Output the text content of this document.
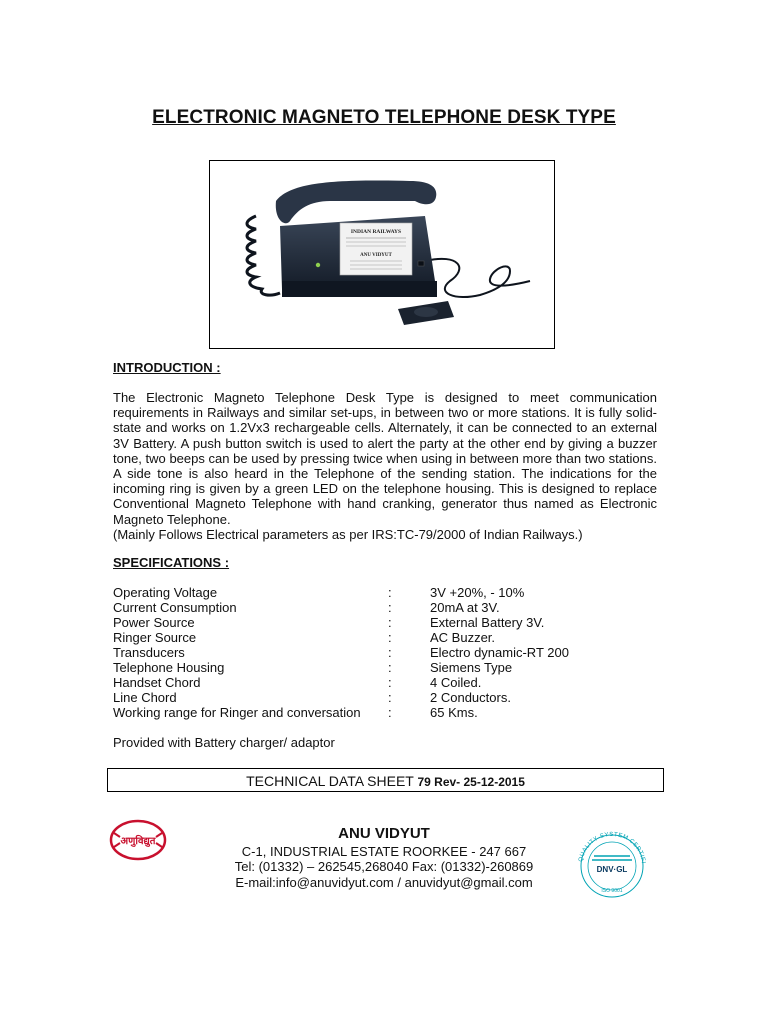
ELECTRONIC MAGNETO TELEPHONE DESK TYPE
INDIAN RAILWAYS
ANU VIDYUT
INTRODUCTION :
The Electronic Magneto Telephone Desk Type is designed to meet communication requirements in Railways and similar set-ups, in between two or more stations. It is fully solid-state and works on 1.2Vx3 rechargeable cells. Alternately, it can be connected to an external 3V Battery. A push button switch is used to alert the party at the other end by giving a buzzer tone, two beeps can be used by pressing twice when using in between more than two stations. A side tone is also heard in the Telephone of the sending station. The indications for the incoming ring is given by a green LED on the telephone housing. This is designed to replace Conventional Magneto Telephone with hand cranking, generator thus named as Electronic Magneto Telephone.
(Mainly Follows Electrical parameters as per IRS:TC-79/2000 of Indian Railways.)
SPECIFICATIONS :
Operating Voltage	:	3V +20%, - 10%
Current Consumption	:	20mA at 3V.
Power Source	:	External Battery 3V.
Ringer Source	:	AC Buzzer.
Transducers	:	Electro dynamic-RT 200
Telephone Housing	:	Siemens Type
Handset Chord	:	4 Coiled.
Line Chord	:	2 Conductors.
Working range for Ringer and conversation	:	65 Kms.
Provided with Battery charger/ adaptor
TECHNICAL DATA SHEET 79 Rev- 25-12-2015
अणुविद्युत	ANU VIDYUT
C-1, INDUSTRIAL ESTATE ROORKEE - 247 667
Tel: (01332) – 262545,268040 Fax: (01332)-260869
E-mail:info@anuvidyut.com / anuvidyut@gmail.com
QUALITY SYSTEM CERTIFI
DNV·GL
ISO 9001
